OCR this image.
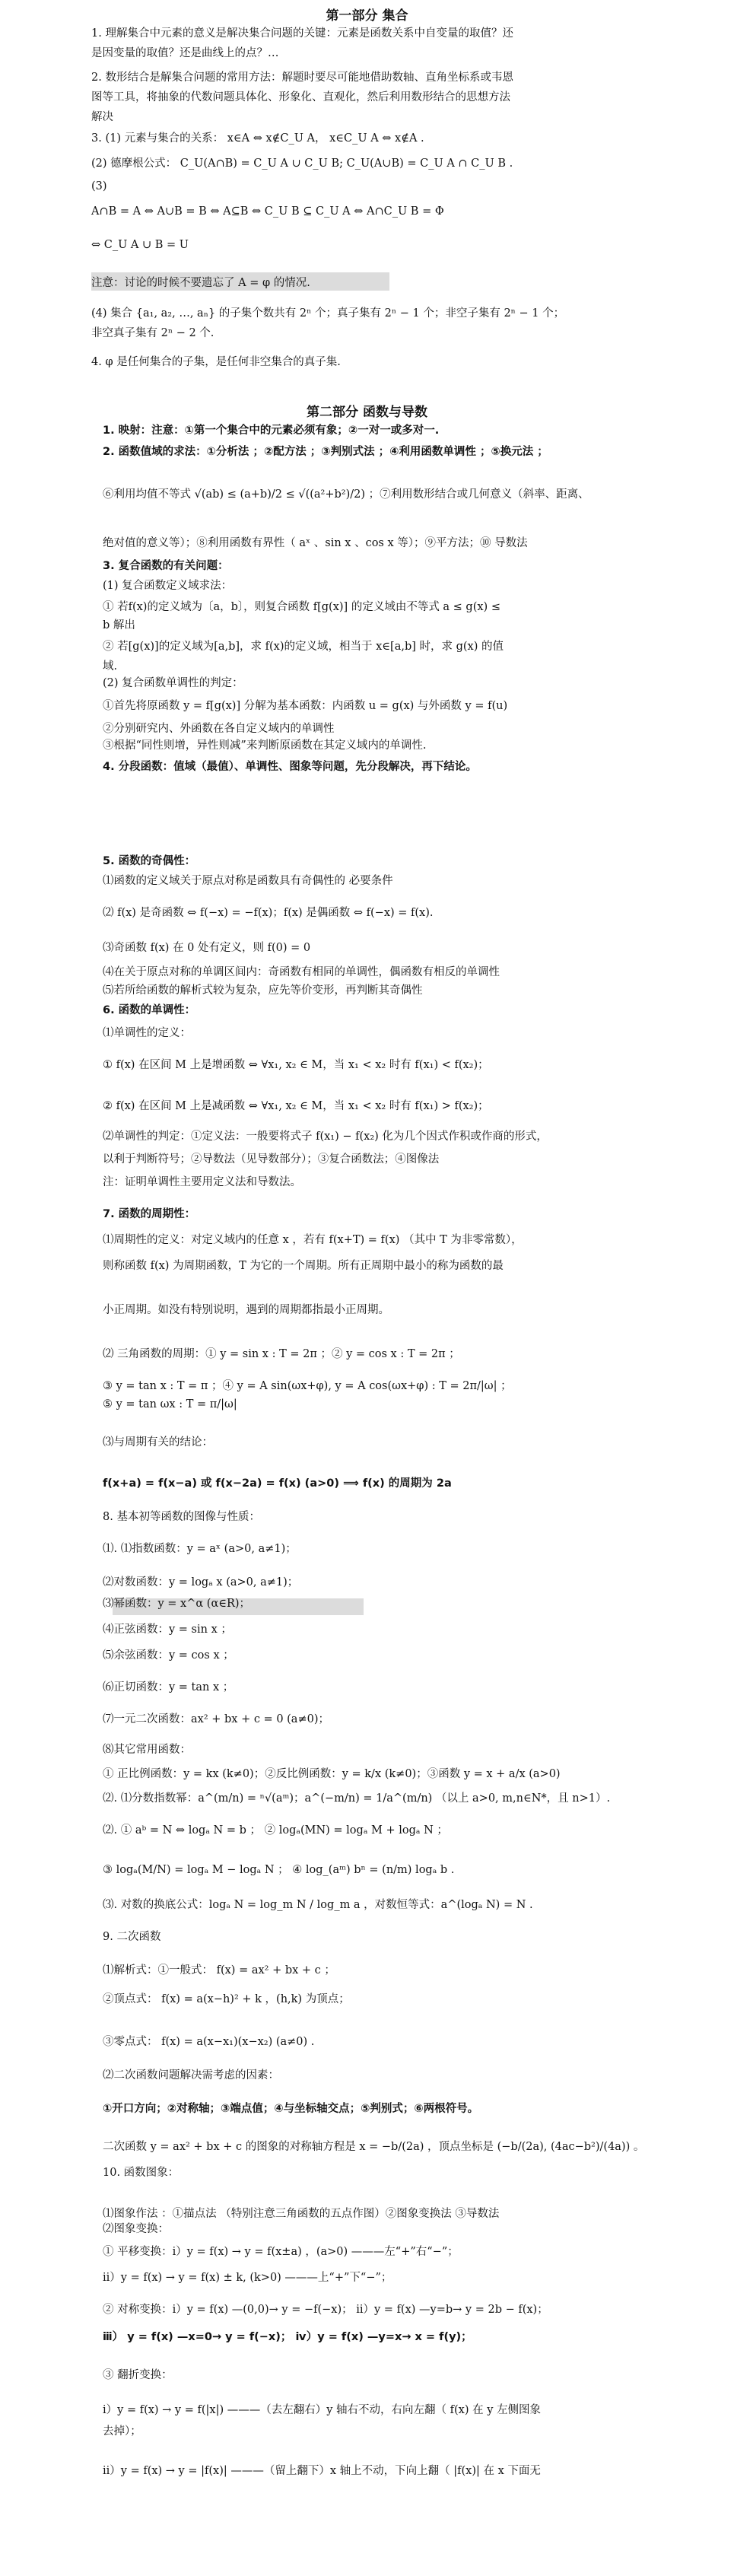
第一部分 集合
第二部分 函数与导数
1. 理解集合中元素的意义是解决集合问题的关键：元素是函数关系中自变量的取值？还
是因变量的取值？还是曲线上的点？…
2. 数形结合是解集合问题的常用方法：解题时要尽可能地借助数轴、直角坐标系或韦恩
图等工具，将抽象的代数问题具体化、形象化、直观化，然后利用数形结合的思想方法
解决
3. (1) 元素与集合的关系： x∈A ⇔ x∉C_U A， x∈C_U A ⇔ x∉A .
(2) 德摩根公式： C_U(A∩B) = C_U A ∪ C_U B; C_U(A∪B) = C_U A ∩ C_U B .
(3)
A∩B = A ⇔ A∪B = B ⇔ A⊆B ⇔ C_U B ⊆ C_U A ⇔ A∩C_U B = Φ
⇔ C_U A ∪ B = U
注意：讨论的时候不要遗忘了 A = φ 的情况.
(4) 集合 {a₁, a₂, …, aₙ} 的子集个数共有 2ⁿ 个；真子集有 2ⁿ − 1 个；非空子集有 2ⁿ − 1 个；
非空真子集有 2ⁿ − 2 个.
4. φ 是任何集合的子集，是任何非空集合的真子集.
1. 映射：注意：①第一个集合中的元素必须有象；②一对一或多对一.
2. 函数值域的求法：①分析法 ；②配方法 ；③判别式法 ；④利用函数单调性 ；⑤换元法 ；
⑥利用均值不等式 √(ab) ≤ (a+b)/2 ≤ √((a²+b²)/2) ；⑦利用数形结合或几何意义（斜率、距离、
绝对值的意义等）；⑧利用函数有界性（ aˣ 、sin x 、cos x 等）；⑨平方法；⑩ 导数法
3. 复合函数的有关问题：
(1) 复合函数定义域求法：
① 若f(x)的定义域为〔a，b〕，则复合函数 f[g(x)] 的定义域由不等式 a ≤ g(x) ≤
b 解出
② 若[g(x)]的定义域为[a,b]，求 f(x)的定义域，相当于 x∈[a,b] 时，求 g(x) 的值
域.
(2) 复合函数单调性的判定：
①首先将原函数 y = f[g(x)] 分解为基本函数：内函数 u = g(x) 与外函数 y = f(u)
②分别研究内、外函数在各自定义域内的单调性
③根据“同性则增，异性则减”来判断原函数在其定义域内的单调性.
4. 分段函数：值域（最值）、单调性、图象等问题，先分段解决，再下结论。
5. 函数的奇偶性：
⑴函数的定义域关于原点对称是函数具有奇偶性的 必要条件
⑵ f(x) 是奇函数 ⇔ f(−x) = −f(x)；f(x) 是偶函数 ⇔ f(−x) = f(x).
⑶奇函数 f(x) 在 0 处有定义，则 f(0) = 0
⑷在关于原点对称的单调区间内：奇函数有相同的单调性，偶函数有相反的单调性
⑸若所给函数的解析式较为复杂，应先等价变形，再判断其奇偶性
6. 函数的单调性：
⑴单调性的定义：
① f(x) 在区间 M 上是增函数 ⇔ ∀x₁, x₂ ∈ M，当 x₁ < x₂ 时有 f(x₁) < f(x₂)；
② f(x) 在区间 M 上是减函数 ⇔ ∀x₁, x₂ ∈ M，当 x₁ < x₂ 时有 f(x₁) > f(x₂)；
⑵单调性的判定：①定义法：一般要将式子 f(x₁) − f(x₂) 化为几个因式作积或作商的形式，
以利于判断符号；②导数法（见导数部分）；③复合函数法；④图像法
注：证明单调性主要用定义法和导数法。
7. 函数的周期性：
⑴周期性的定义：对定义域内的任意 x ，若有 f(x+T) = f(x) （其中 T 为非零常数），
则称函数 f(x) 为周期函数，T 为它的一个周期。所有正周期中最小的称为函数的最
小正周期。如没有特别说明，遇到的周期都指最小正周期。
⑵ 三角函数的周期：① y = sin x : T = 2π ；② y = cos x : T = 2π ；
③ y = tan x : T = π ；④ y = A sin(ωx+φ), y = A cos(ωx+φ) : T = 2π/|ω| ；
⑤ y = tan ωx : T = π/|ω|
⑶与周期有关的结论：
f(x+a) = f(x−a) 或 f(x−2a) = f(x) (a>0) ⟹ f(x) 的周期为 2a
8. 基本初等函数的图像与性质：
⑴. ⑴指数函数：y = aˣ (a>0, a≠1)；
⑵对数函数：y = logₐ x (a>0, a≠1)；
⑶幂函数：y = x^α (α∈R)；
⑷正弦函数：y = sin x ；
⑸余弦函数：y = cos x ；
⑹正切函数：y = tan x ；
⑺一元二次函数：ax² + bx + c = 0 (a≠0)；
⑻其它常用函数：
① 正比例函数：y = kx (k≠0)；②反比例函数：y = k/x (k≠0)；③函数 y = x + a/x (a>0)
⑵. ⑴分数指数幂：a^(m/n) = ⁿ√(aᵐ)；a^(−m/n) = 1/a^(m/n) （以上 a>0, m,n∈N*，且 n>1）.
⑵. ① aᵇ = N ⇔ logₐ N = b ； ② logₐ(MN) = logₐ M + logₐ N ；
③ logₐ(M/N) = logₐ M − logₐ N ； ④ log_(aᵐ) bⁿ = (n/m) logₐ b .
⑶. 对数的换底公式：logₐ N = log_m N / log_m a ，对数恒等式：a^(logₐ N) = N .
9. 二次函数
⑴解析式：①一般式： f(x) = ax² + bx + c ；
②顶点式： f(x) = a(x−h)² + k ，(h,k) 为顶点；
③零点式： f(x) = a(x−x₁)(x−x₂) (a≠0) .
⑵二次函数问题解决需考虑的因素：
①开口方向；②对称轴；③端点值；④与坐标轴交点；⑤判别式；⑥两根符号。
二次函数 y = ax² + bx + c 的图象的对称轴方程是 x = −b/(2a) ，顶点坐标是 (−b/(2a), (4ac−b²)/(4a)) 。
10. 函数图象：
⑴图象作法 ：①描点法 （特别注意三角函数的五点作图）②图象变换法 ③导数法
⑵图象变换：
① 平移变换：ⅰ）y = f(x) → y = f(x±a) ，(a>0) ———左“+”右“−”；
ⅱ）y = f(x) → y = f(x) ± k, (k>0) ———上“+”下“−”；
② 对称变换：ⅰ）y = f(x) —(0,0)→ y = −f(−x)； ⅱ）y = f(x) —y=b→ y = 2b − f(x)；
ⅲ） y = f(x) —x=0→ y = f(−x)； ⅳ）y = f(x) —y=x→ x = f(y)；
③ 翻折变换：
ⅰ）y = f(x) → y = f(|x|) ———（去左翻右）y 轴右不动，右向左翻（ f(x) 在 y 左侧图象
去掉）；
ⅱ）y = f(x) → y = |f(x)| ———（留上翻下）x 轴上不动，下向上翻（ |f(x)| 在 x 下面无
